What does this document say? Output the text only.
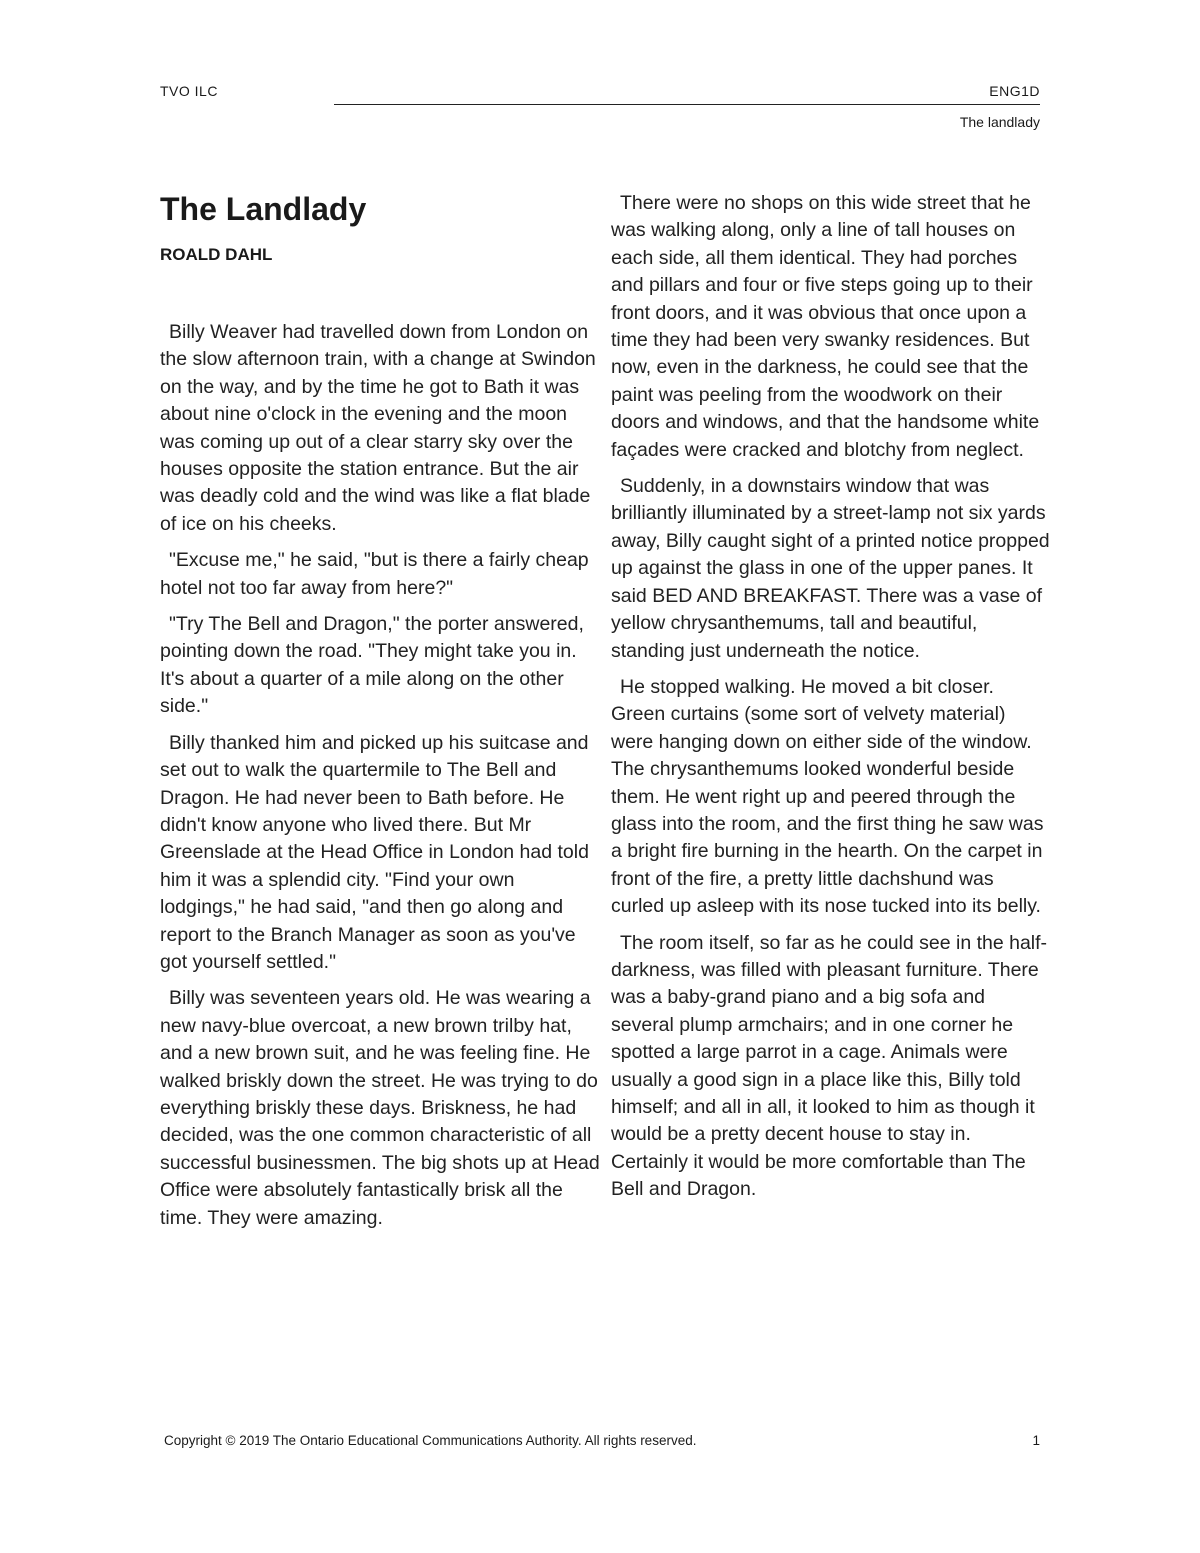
TVO ILC	ENG1D
The landlady
The Landlady
ROALD DAHL

Billy Weaver had travelled down from London on the slow afternoon train, with a change at Swindon on the way, and by the time he got to Bath it was about nine o'clock in the evening and the moon was coming up out of a clear starry sky over the houses opposite the station entrance. But the air was deadly cold and the wind was like a flat blade of ice on his cheeks.

"Excuse me," he said, "but is there a fairly cheap hotel not too far away from here?"

"Try The Bell and Dragon," the porter answered, pointing down the road. "They might take you in. It's about a quarter of a mile along on the other side."

Billy thanked him and picked up his suitcase and set out to walk the quartermile to The Bell and Dragon. He had never been to Bath before. He didn't know anyone who lived there. But Mr Greenslade at the Head Office in London had told him it was a splendid city. "Find your own lodgings," he had said, "and then go along and report to the Branch Manager as soon as you've got yourself settled."

Billy was seventeen years old. He was wearing a new navy-blue overcoat, a new brown trilby hat, and a new brown suit, and he was feeling fine. He walked briskly down the street. He was trying to do everything briskly these days. Briskness, he had decided, was the one common characteristic of all successful businessmen. The big shots up at Head Office were absolutely fantastically brisk all the time. They were amazing.

There were no shops on this wide street that he was walking along, only a line of tall houses on each side, all them identical. They had porches and pillars and four or five steps going up to their front doors, and it was obvious that once upon a time they had been very swanky residences. But now, even in the darkness, he could see that the paint was peeling from the woodwork on their doors and windows, and that the handsome white façades were cracked and blotchy from neglect.

Suddenly, in a downstairs window that was brilliantly illuminated by a street-lamp not six yards away, Billy caught sight of a printed notice propped up against the glass in one of the upper panes. It said BED AND BREAKFAST. There was a vase of yellow chrysanthemums, tall and beautiful, standing just underneath the notice.

He stopped walking. He moved a bit closer. Green curtains (some sort of velvety material) were hanging down on either side of the window. The chrysanthemums looked wonderful beside them. He went right up and peered through the glass into the room, and the first thing he saw was a bright fire burning in the hearth. On the carpet in front of the fire, a pretty little dachshund was curled up asleep with its nose tucked into its belly.

The room itself, so far as he could see in the half-darkness, was filled with pleasant furniture. There was a baby-grand piano and a big sofa and several plump armchairs; and in one corner he spotted a large parrot in a cage. Animals were usually a good sign in a place like this, Billy told himself; and all in all, it looked to him as though it would be a pretty decent house to stay in. Certainly it would be more comfortable than The Bell and Dragon.

Copyright © 2019 The Ontario Educational Communications Authority. All rights reserved.	1
